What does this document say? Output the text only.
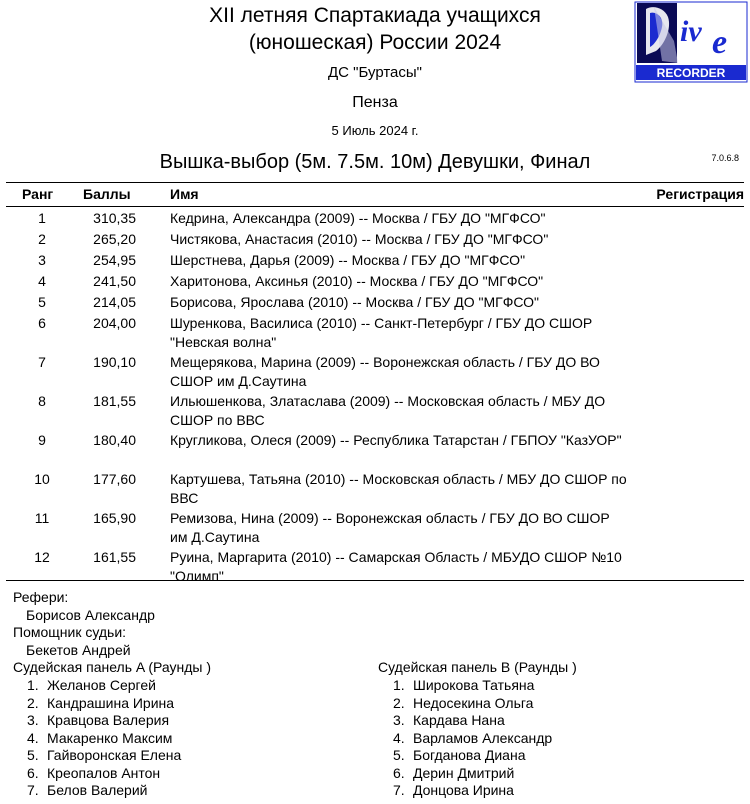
XII летняя Спартакиада учащихся
(юношеская) России 2024
ДС "Буртасы"
Пенза
5 Июль 2024 г.
Вышка-выбор (5м. 7.5м. 10м) Девушки, Финал	7.0.6.8
iv e
RECORDER
Ранг Баллы	Имя	Регистрация
1	310,35 Кедрина, Александра (2009) -- Москва / ГБУ ДО "МГФСО"
2	265,20 Чистякова, Анастасия (2010) -- Москва / ГБУ ДО "МГФСО"
3	254,95 Шерстнева, Дарья (2009) -- Москва / ГБУ ДО "МГФСО"
4	241,50 Харитонова, Аксинья (2010) -- Москва / ГБУ ДО "МГФСО"
5	214,05 Борисова, Ярослава (2010) -- Москва / ГБУ ДО "МГФСО"
6	204,00 Шуренкова, Василиса (2010) -- Санкт-Петербург / ГБУ ДО СШОР "Невская волна"
7	190,10 Мещерякова, Марина (2009) -- Воронежская область / ГБУ ДО ВО СШОР им Д.Саутина
8	181,55 Ильюшенкова, Златаслава (2009) -- Московская область / МБУ ДО СШОР по ВВС
9	180,40 Кругликова, Олеся (2009) -- Республика Татарстан / ГБПОУ "КазУОР"
10	177,60 Картушева, Татьяна (2010) -- Московская область / МБУ ДО СШОР по ВВС
11	165,90 Ремизова, Нина (2009) -- Воронежская область / ГБУ ДО ВО СШОР им Д.Саутина
12	161,55 Руина, Маргарита (2010) -- Самарская Область / МБУДО СШОР №10 "Олимп"
Рефери:
Борисов Александр
Помощник судьи:
Бекетов Андрей
Судейская панель A (Раунды )	Судейская панель B (Раунды )
1. Желанов Сергей
2. Кандрашина Ирина
3. Кравцова Валерия
4. Макаренко Максим
5. Гайворонская Елена
6. Креопалов Антон
7. Белов Валерий
1. Широкова Татьяна
2. Недосекина Ольга
3. Кардава Нана
4. Варламов Александр
5. Богданова Диана
6. Дерин Дмитрий
7. Донцова Ирина
